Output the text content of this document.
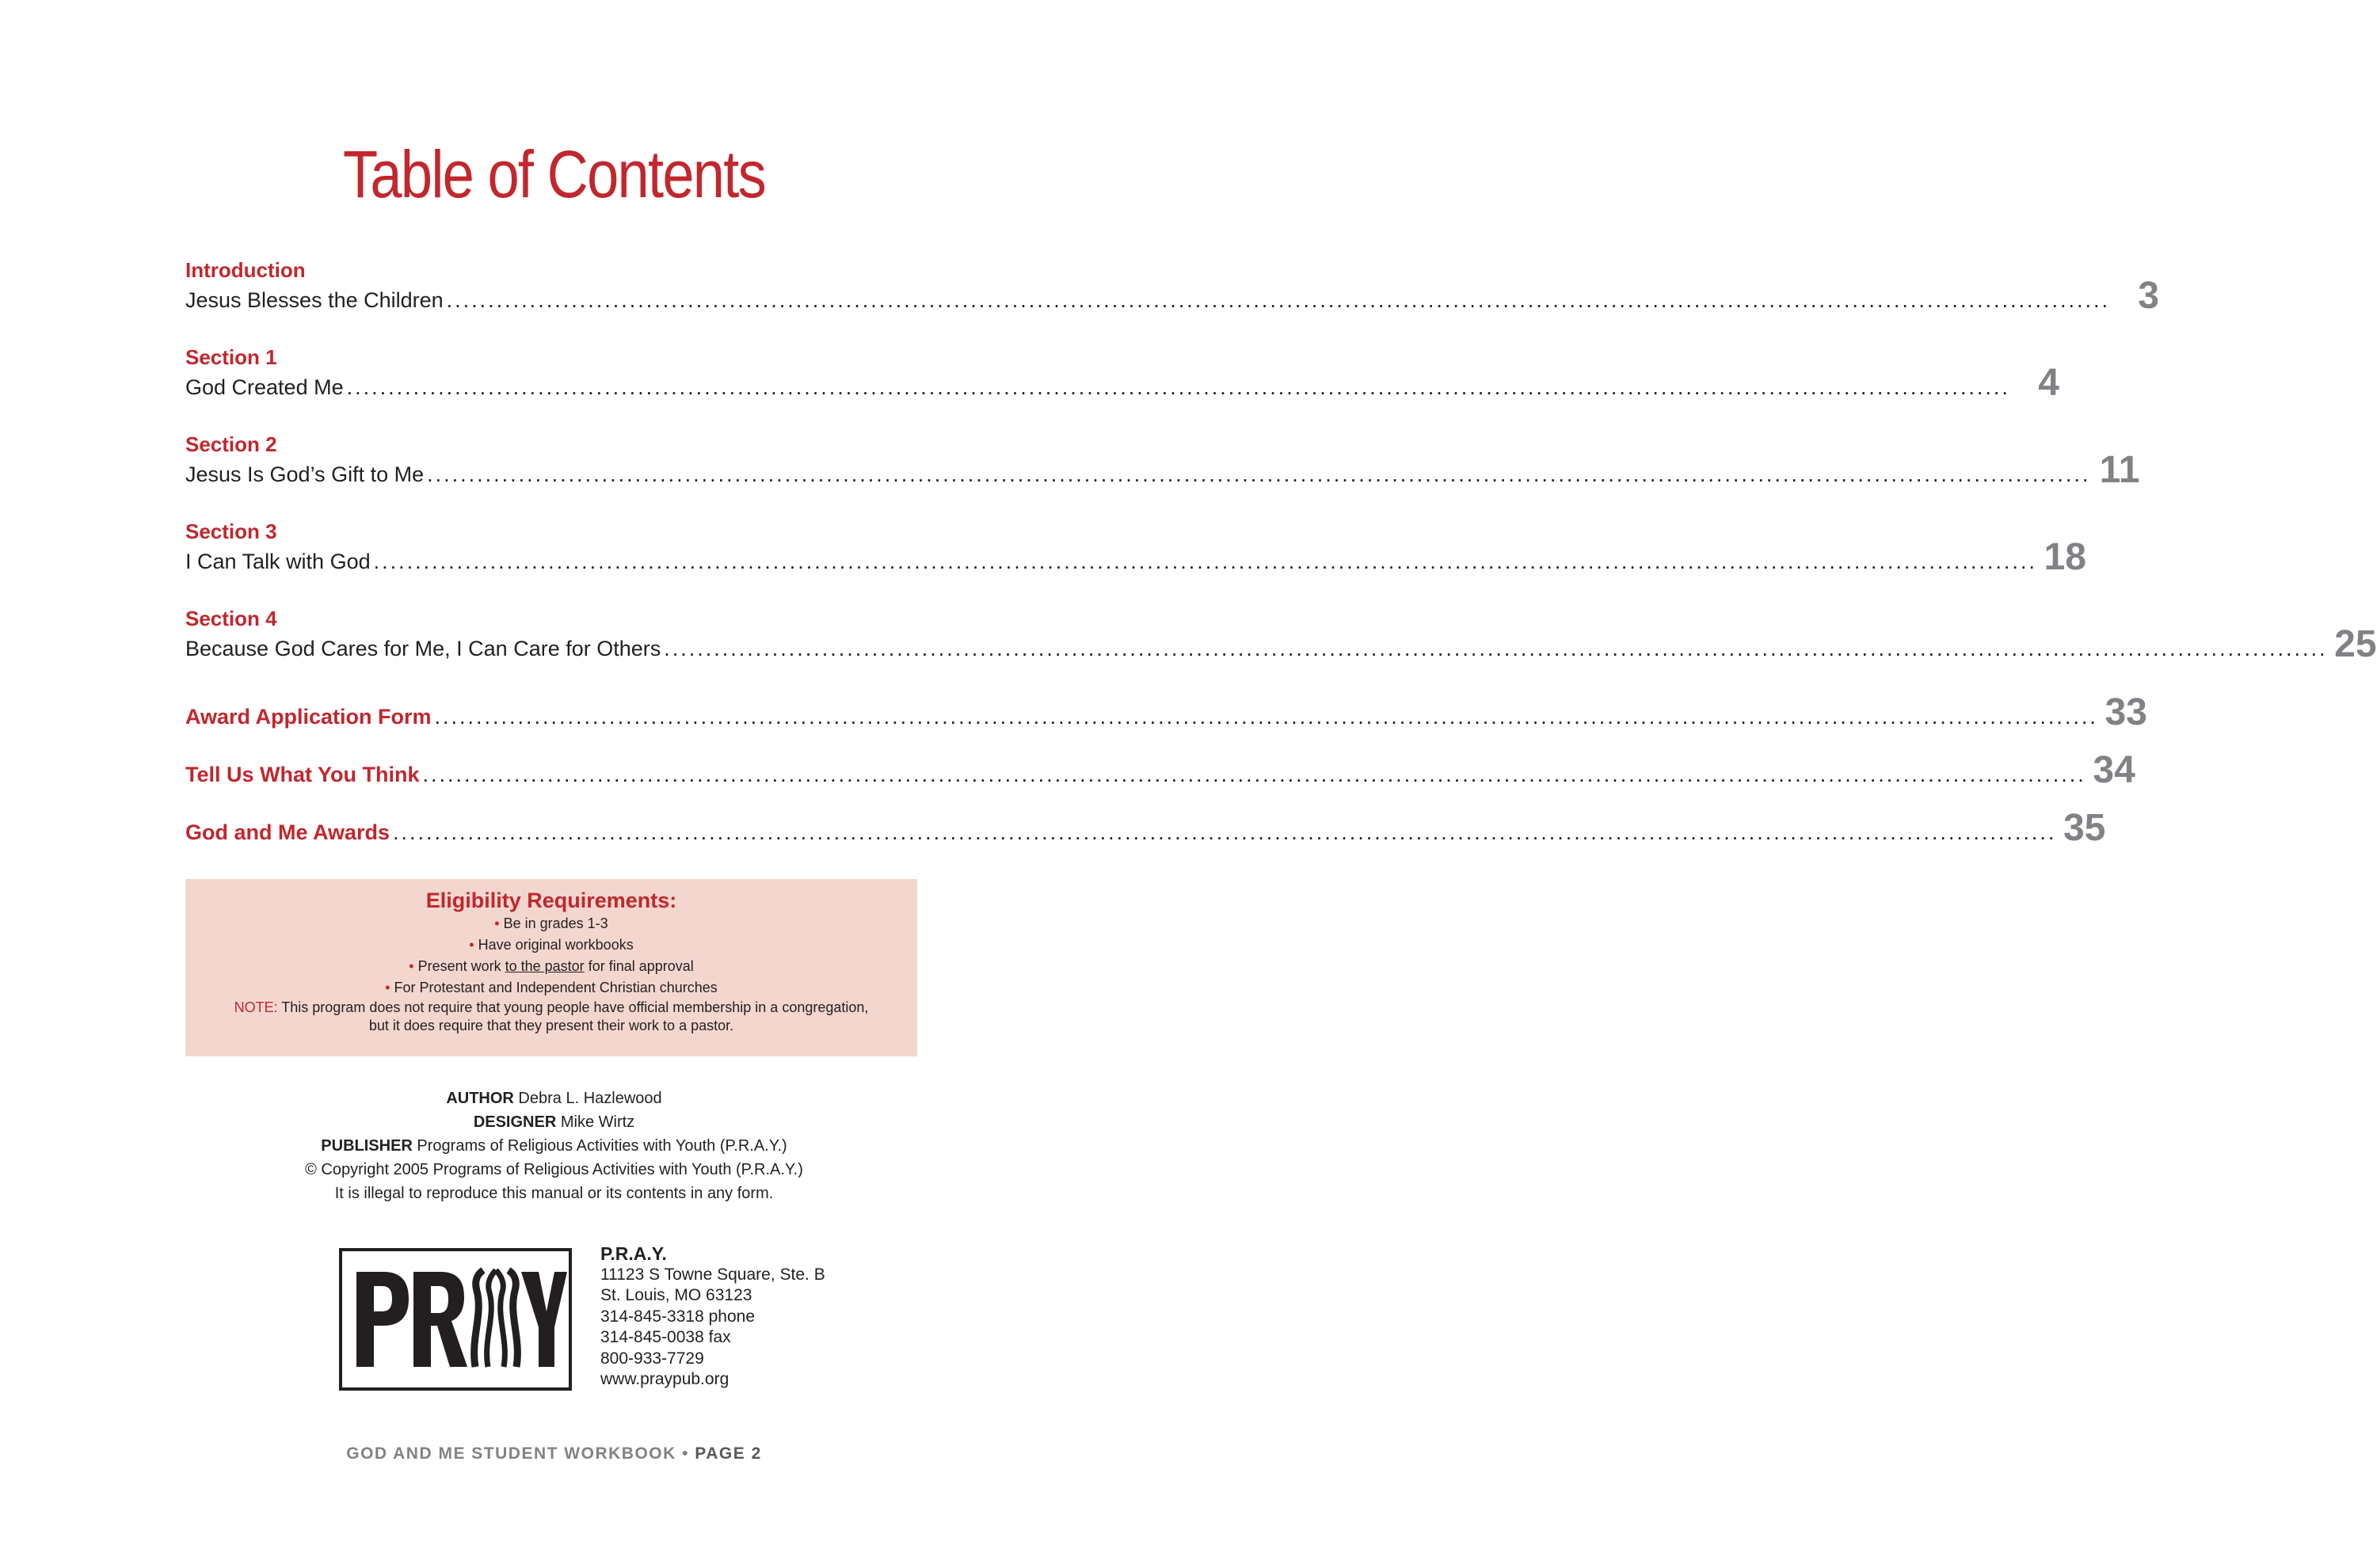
Table of Contents
Introduction
Jesus Blesses the Children ........................................................................................................................................................................................................ 3
Section 1
God Created Me ........................................................................................................................................................................................................ 4
Section 2
Jesus Is God’s Gift to Me ........................................................................................................................................................................................................ 11
Section 3
I Can Talk with God ........................................................................................................................................................................................................ 18
Section 4
Because God Cares for Me, I Can Care for Others ........................................................................................................................................................................................................ 25
Award Application Form ........................................................................................................................................................................................................ 33
Tell Us What You Think ........................................................................................................................................................................................................ 34
God and Me Awards ........................................................................................................................................................................................................ 35
Eligibility Requirements:
• Be in grades 1-3
• Have original workbooks
• Present work to the pastor for final approval
• For Protestant and Independent Christian churches
NOTE: This program does not require that young people have official membership in a congregation,
but it does require that they present their work to a pastor.
AUTHOR Debra L. Hazlewood
DESIGNER Mike Wirtz
PUBLISHER Programs of Religious Activities with Youth (P.R.A.Y.)
© Copyright 2005 Programs of Religious Activities with Youth (P.R.A.Y.)
It is illegal to reproduce this manual or its contents in any form.
P.R.A.Y.
11123 S Towne Square, Ste. B
St. Louis, MO 63123
314-845-3318 phone
314-845-0038 fax
800-933-7729
www.praypub.org
GOD AND ME STUDENT WORKBOOK • PAGE 2
